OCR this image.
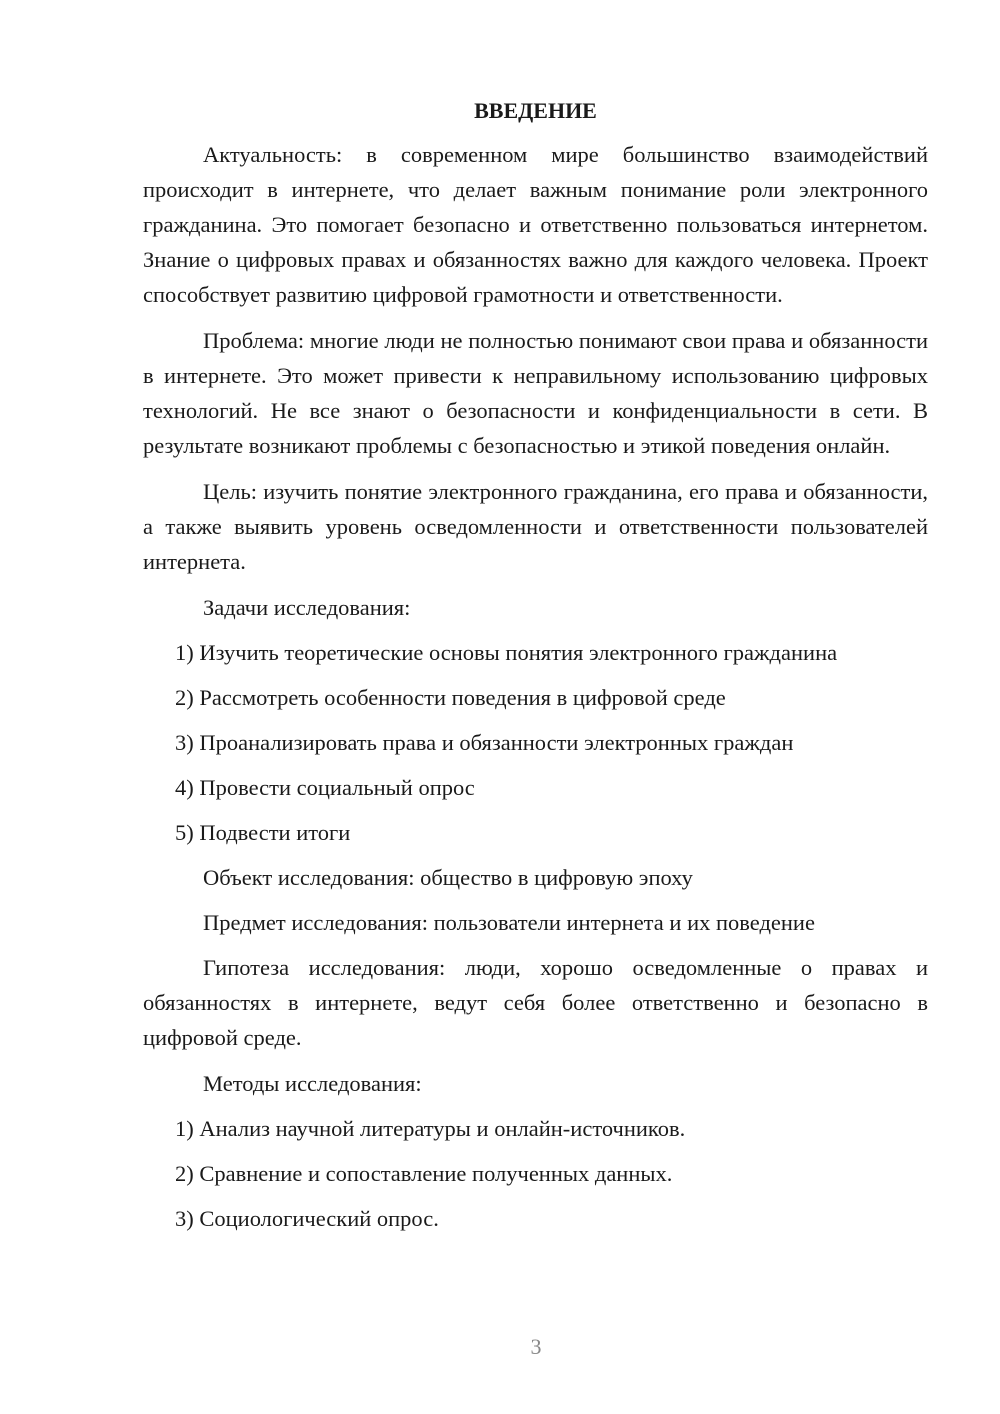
ВВЕДЕНИЕ

Актуальность: в современном мире большинство взаимодействий происходит в интернете, что делает важным понимание роли электронного гражданина. Это помогает безопасно и ответственно пользоваться интернетом. Знание о цифровых правах и обязанностях важно для каждого человека. Проект способствует развитию цифровой грамотности и ответственности.

Проблема: многие люди не полностью понимают свои права и обязанности в интернете. Это может привести к неправильному использованию цифровых технологий. Не все знают о безопасности и конфиденциальности в сети. В результате возникают проблемы с безопасностью и этикой поведения онлайн.

Цель: изучить понятие электронного гражданина, его права и обязанности, а также выявить уровень осведомленности и ответственности пользователей интернета.

Задачи исследования:

1) Изучить теоретические основы понятия электронного гражданина
2) Рассмотреть особенности поведения в цифровой среде
3) Проанализировать права и обязанности электронных граждан
4) Провести социальный опрос
5) Подвести итоги

Объект исследования: общество в цифровую эпоху

Предмет исследования: пользователи интернета и их поведение

Гипотеза исследования: люди, хорошо осведомленные о правах и обязанностях в интернете, ведут себя более ответственно и безопасно в цифровой среде.

Методы исследования:

1) Анализ научной литературы и онлайн-источников.
2) Сравнение и сопоставление полученных данных.
3) Социологический опрос.
3
